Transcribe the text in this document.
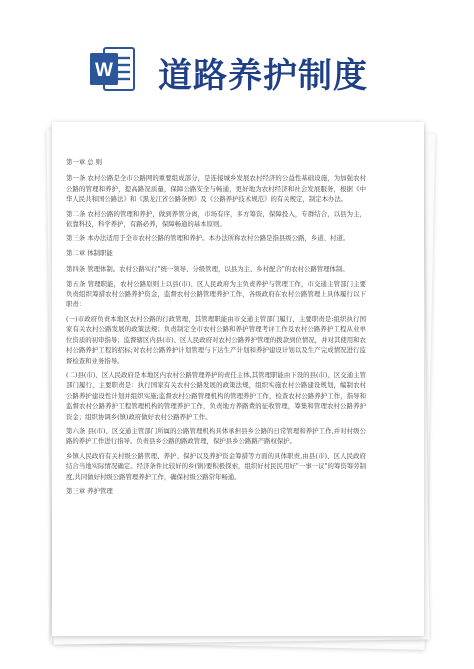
W 道路养护制度

第一章 总 则

第一条 农村公路是全市公路网的重要组成部分，是连接城乡发展农村经济的公益性基础设施，为加强农村公路的管理和养护，提高路况质量，保障公路安全与畅通，更好地为农村经济和社会发展服务，根据《中华人民共和国公路法》和《黑龙江省公路条例》及《公路养护技术规范》的有关规定，制定本办法。

第二条 农村公路的管理和养护，做到养管分离，市场有序，多方筹资，保障投入，专群结合，以县为主，依靠科技，科学养护，有路必养，保障畅通的基本原则。

第三条 本办法适用于全市农村公路的管理和养护。本办法所称农村公路是指县级公路，乡道、村道。

第二章 体制职能

第四条 管理体制。农村公路实行"统一领导、分级管理，以县为主、乡村配合"的农村公路管理体制。

第五条 管理职能，农村公路原则上以县(市)、区人民政府为主负责养护与管理工作，市交通主管部门主要负责组织筹措农村公路养护资金，监督农村公路管理养护工作，各级政府在农村公路管理上具体履行以下职责：

(一)市政府负责本地区农村公路的行政管理，其管理职能由市交通主管部门履行，主要职责是:组织执行国家有关农村公路发展的政策法规；负责制定全市农村公路和养护管理考评工作及农村公路养护工程从业单位资质的初审指导；监督辖区内县(市)、区人民政府对农村公路养护管理的拨款到位情况，并对其使用和农村公路养护工程的招标;对农村公路养护计划管理与下达生产计划和养护建设计划以及生产完成情况进行监督检查和业务指导。

(二)县(市)、区人民政府是本地区内农村公路管理养护的责任主体,其管理职能由下设的县(市)、区交通主管部门履行，主要职责是：执行国家有关农村公路发展的政策法规，组织实施农村公路建设规划，编制农村公路养护建设性计划并组织实施;监督农村公路管理机构的管理养护工作，检查农村公路养护工作，指导和监督农村公路养护工程管理机构的管理养护工作，负责地方养路费的征收管理，筹集和管理农村公路养护资金；组织协调乡(镇)政府做好农村公路养护工作。

第六条 县(市)、区交通主管部门所属的公路管理机构具体承担县乡公路的日常管理和养护工作,并对村级公路的养护工作进行指导。负责县乡公路的路政管理，保护县乡公路路产路权保护。

乡镇人民政府有关村级公路管理、养护、保护以及养护资金筹措等方面的具体职责,由县(市)、区人民政府结合当地实际情况确定。经济条件比较好的乡(镇)要积极探索，组织好村民民用好"一事一议"的筹资筹劳制度,共同做好村级公路管理养护工作，确保村级公路常年畅通。

第三章 养护管理
